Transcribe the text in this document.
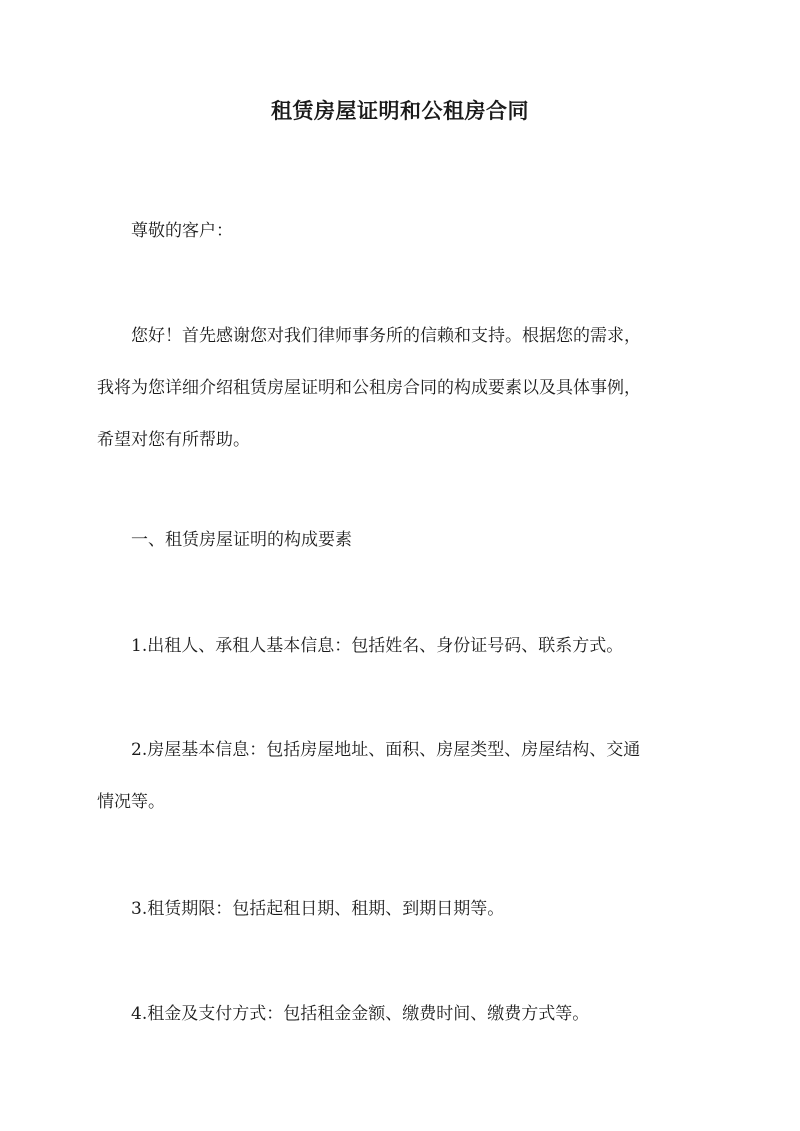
租赁房屋证明和公租房合同
尊敬的客户：
您好！首先感谢您对我们律师事务所的信赖和支持。根据您的需求，
我将为您详细介绍租赁房屋证明和公租房合同的构成要素以及具体事例，
希望对您有所帮助。
一、租赁房屋证明的构成要素
1.出租人、承租人基本信息：包括姓名、身份证号码、联系方式。
2.房屋基本信息：包括房屋地址、面积、房屋类型、房屋结构、交通
情况等。
3.租赁期限：包括起租日期、租期、到期日期等。
4.租金及支付方式：包括租金金额、缴费时间、缴费方式等。
